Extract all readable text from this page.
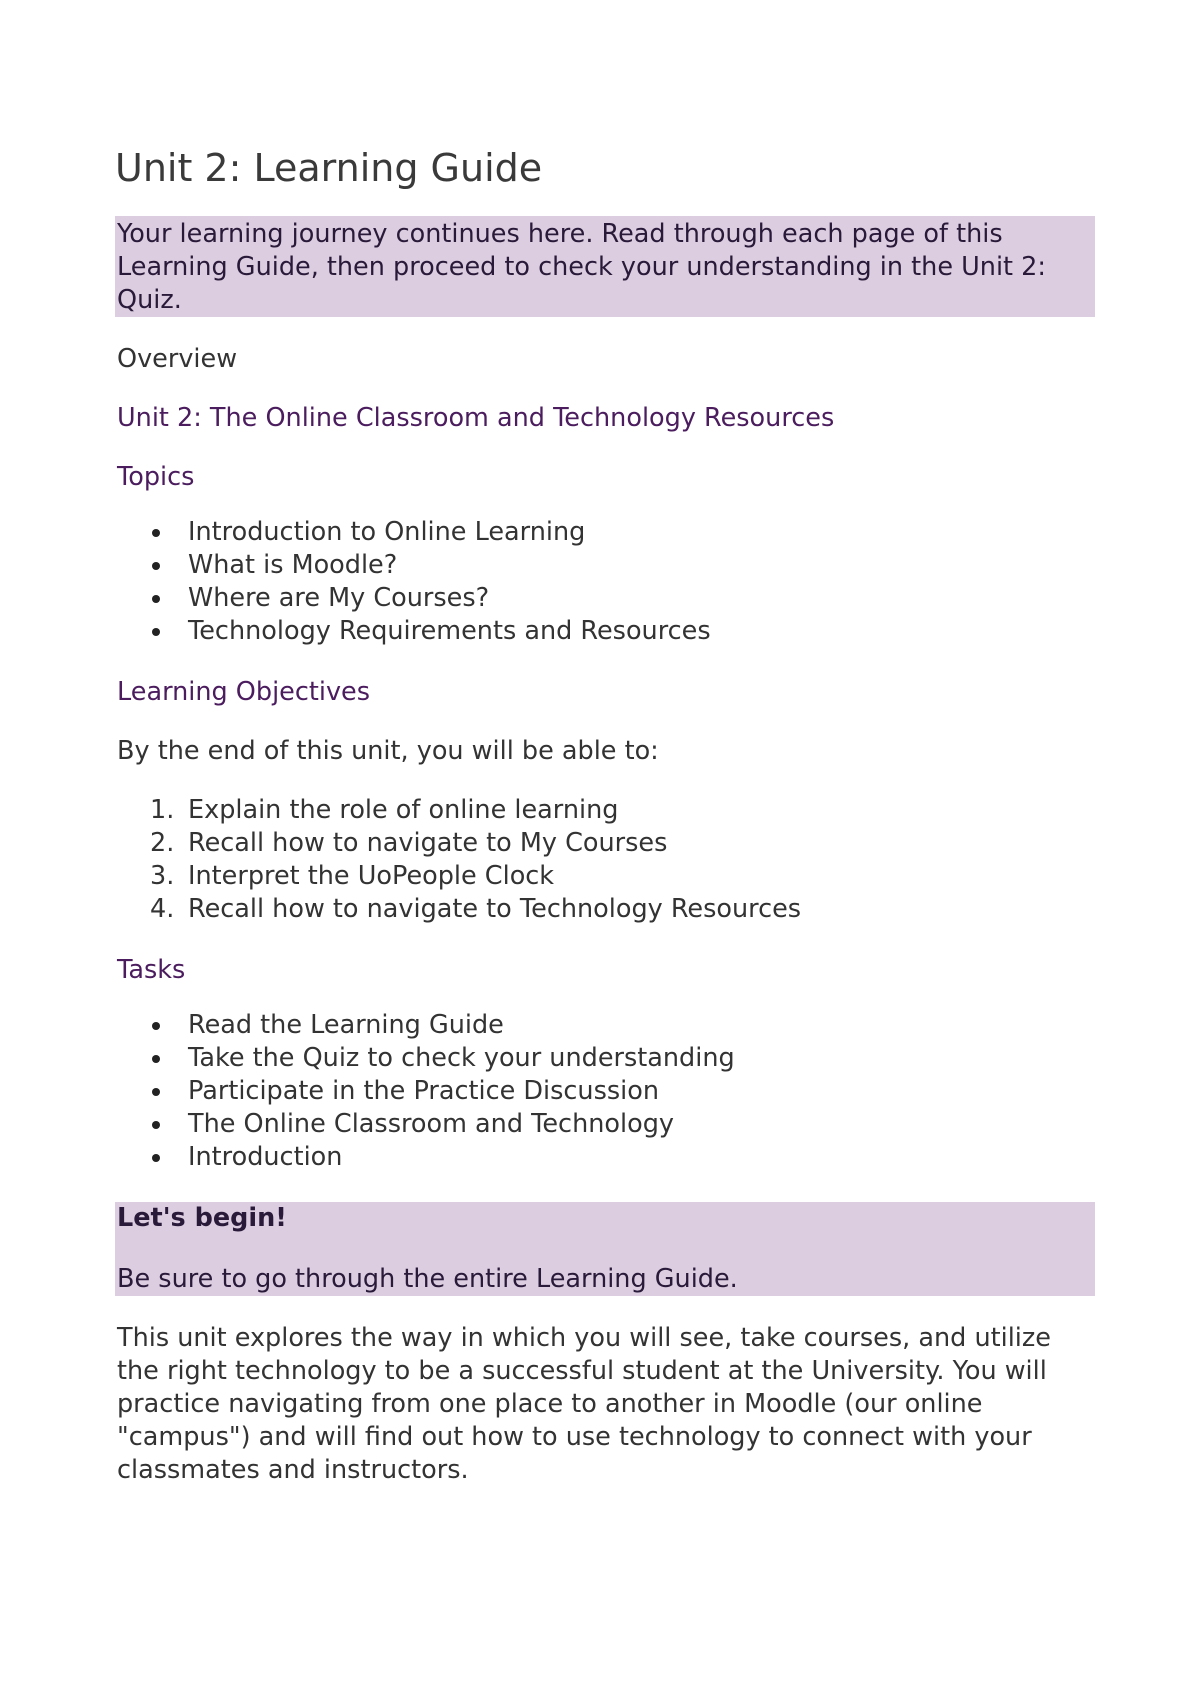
Unit 2: Learning Guide

Your learning journey continues here. Read through each page of this Learning Guide, then proceed to check your understanding in the Unit 2: Quiz.

Overview

Unit 2: The Online Classroom and Technology Resources

Topics

Introduction to Online Learning
What is Moodle?
Where are My Courses?
Technology Requirements and Resources

Learning Objectives

By the end of this unit, you will be able to:

1. Explain the role of online learning
2. Recall how to navigate to My Courses
3. Interpret the UoPeople Clock
4. Recall how to navigate to Technology Resources

Tasks

Read the Learning Guide
Take the Quiz to check your understanding
Participate in the Practice Discussion
The Online Classroom and Technology
Introduction

Let's begin!

Be sure to go through the entire Learning Guide.

This unit explores the way in which you will see, take courses, and utilize the right technology to be a successful student at the University. You will practice navigating from one place to another in Moodle (our online "campus") and will find out how to use technology to connect with your classmates and instructors.
